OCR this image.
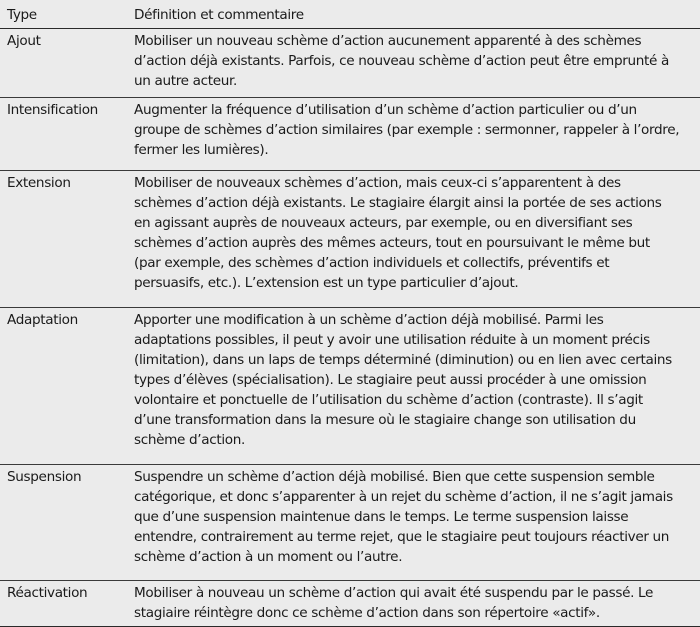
Type	Définition et commentaire
Ajout	Mobiliser un nouveau schème d’action aucunement apparenté à des schèmes
d’action déjà existants. Parfois, ce nouveau schème d’action peut être emprunté à
un autre acteur.
Intensification	Augmenter la fréquence d’utilisation d’un schème d’action particulier ou d’un
groupe de schèmes d’action similaires (par exemple : sermonner, rappeler à l’ordre,
fermer les lumières).
Extension	Mobiliser de nouveaux schèmes d’action, mais ceux-ci s’apparentent à des
schèmes d’action déjà existants. Le stagiaire élargit ainsi la portée de ses actions
en agissant auprès de nouveaux acteurs, par exemple, ou en diversifiant ses
schèmes d’action auprès des mêmes acteurs, tout en poursuivant le même but
(par exemple, des schèmes d’action individuels et collectifs, préventifs et
persuasifs, etc.). L’extension est un type particulier d’ajout.
Adaptation	Apporter une modification à un schème d’action déjà mobilisé. Parmi les
adaptations possibles, il peut y avoir une utilisation réduite à un moment précis
(limitation), dans un laps de temps déterminé (diminution) ou en lien avec certains
types d’élèves (spécialisation). Le stagiaire peut aussi procéder à une omission
volontaire et ponctuelle de l’utilisation du schème d’action (contraste). Il s’agit
d’une transformation dans la mesure où le stagiaire change son utilisation du
schème d’action.
Suspension	Suspendre un schème d’action déjà mobilisé. Bien que cette suspension semble
catégorique, et donc s’apparenter à un rejet du schème d’action, il ne s’agit jamais
que d’une suspension maintenue dans le temps. Le terme suspension laisse
entendre, contrairement au terme rejet, que le stagiaire peut toujours réactiver un
schème d’action à un moment ou l’autre.
Réactivation	Mobiliser à nouveau un schème d’action qui avait été suspendu par le passé. Le
stagiaire réintègre donc ce schème d’action dans son répertoire «actif».
